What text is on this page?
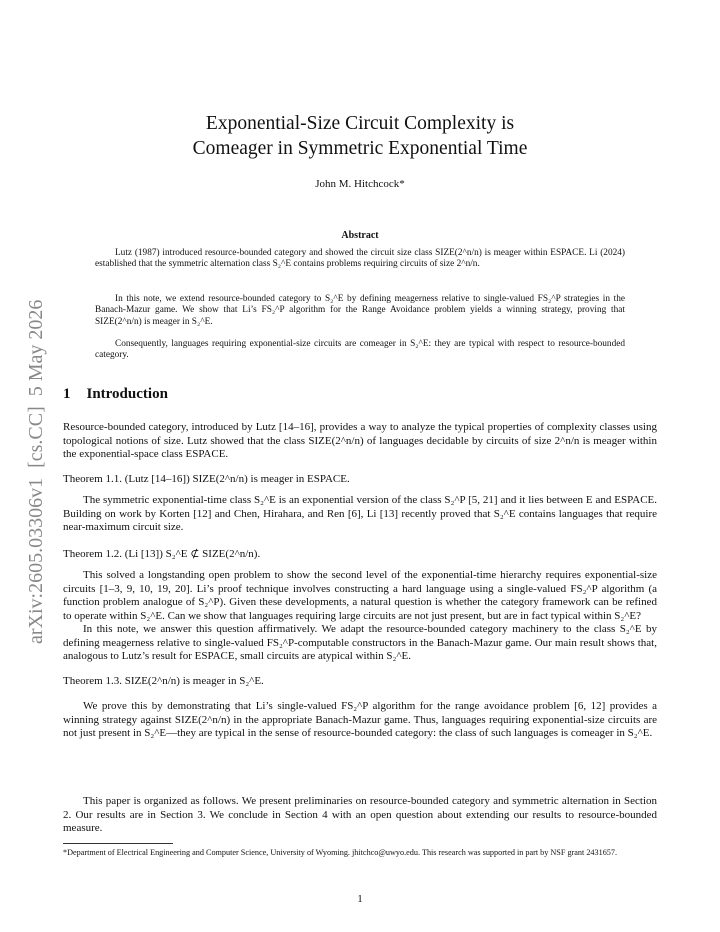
arXiv:2605.03306v1  [cs.CC]  5 May 2026
Exponential-Size Circuit Complexity is
Comeager in Symmetric Exponential Time
John M. Hitchcock*
Abstract

Lutz (1987) introduced resource-bounded category and showed the circuit size class SIZE(2^n/n) is meager within ESPACE. Li (2024) established that the symmetric alternation class S₂^E contains problems requiring circuits of size 2^n/n.

In this note, we extend resource-bounded category to S₂^E by defining meagerness relative to single-valued FS₂^P strategies in the Banach-Mazur game. We show that Li’s FS₂^P algorithm for the Range Avoidance problem yields a winning strategy, proving that SIZE(2^n/n) is meager in S₂^E.

Consequently, languages requiring exponential-size circuits are comeager in S₂^E: they are typical with respect to resource-bounded category.

1 Introduction
Resource-bounded category, introduced by Lutz [14–16], provides a way to analyze the typical properties of complexity classes using topological notions of size. Lutz showed that the class SIZE(2^n/n) of languages decidable by circuits of size 2^n/n is meager within the exponential-space class ESPACE.
Theorem 1.1. (Lutz [14–16]) SIZE(2^n/n) is meager in ESPACE.
The symmetric exponential-time class S₂^E is an exponential version of the class S₂^P [5, 21] and it lies between E and ESPACE. Building on work by Korten [12] and Chen, Hirahara, and Ren [6], Li [13] recently proved that S₂^E contains languages that require near-maximum circuit size.
Theorem 1.2. (Li [13]) S₂^E ⊄ SIZE(2^n/n).
This solved a longstanding open problem to show the second level of the exponential-time hierarchy requires exponential-size circuits [1–3, 9, 10, 19, 20]. Li’s proof technique involves constructing a hard language using a single-valued FS₂^P algorithm (a function problem analogue of S₂^P). Given these developments, a natural question is whether the category framework can be refined to operate within S₂^E. Can we show that languages requiring large circuits are not just present, but are in fact typical within S₂^E?
In this note, we answer this question affirmatively. We adapt the resource-bounded category machinery to the class S₂^E by defining meagerness relative to single-valued FS₂^P-computable constructors in the Banach-Mazur game. Our main result shows that, analogous to Lutz’s result for ESPACE, small circuits are atypical within S₂^E.
Theorem 1.3. SIZE(2^n/n) is meager in S₂^E.
We prove this by demonstrating that Li’s single-valued FS₂^P algorithm for the range avoidance problem [6, 12] provides a winning strategy against SIZE(2^n/n) in the appropriate Banach-Mazur game. Thus, languages requiring exponential-size circuits are not just present in S₂^E—they are typical in the sense of resource-bounded category: the class of such languages is comeager in S₂^E.
This paper is organized as follows. We present preliminaries on resource-bounded category and symmetric alternation in Section 2. Our results are in Section 3. We conclude in Section 4 with an open question about extending our results to resource-bounded measure.
*Department of Electrical Engineering and Computer Science, University of Wyoming. jhitchco@uwyo.edu. This research was supported in part by NSF grant 2431657.
1
